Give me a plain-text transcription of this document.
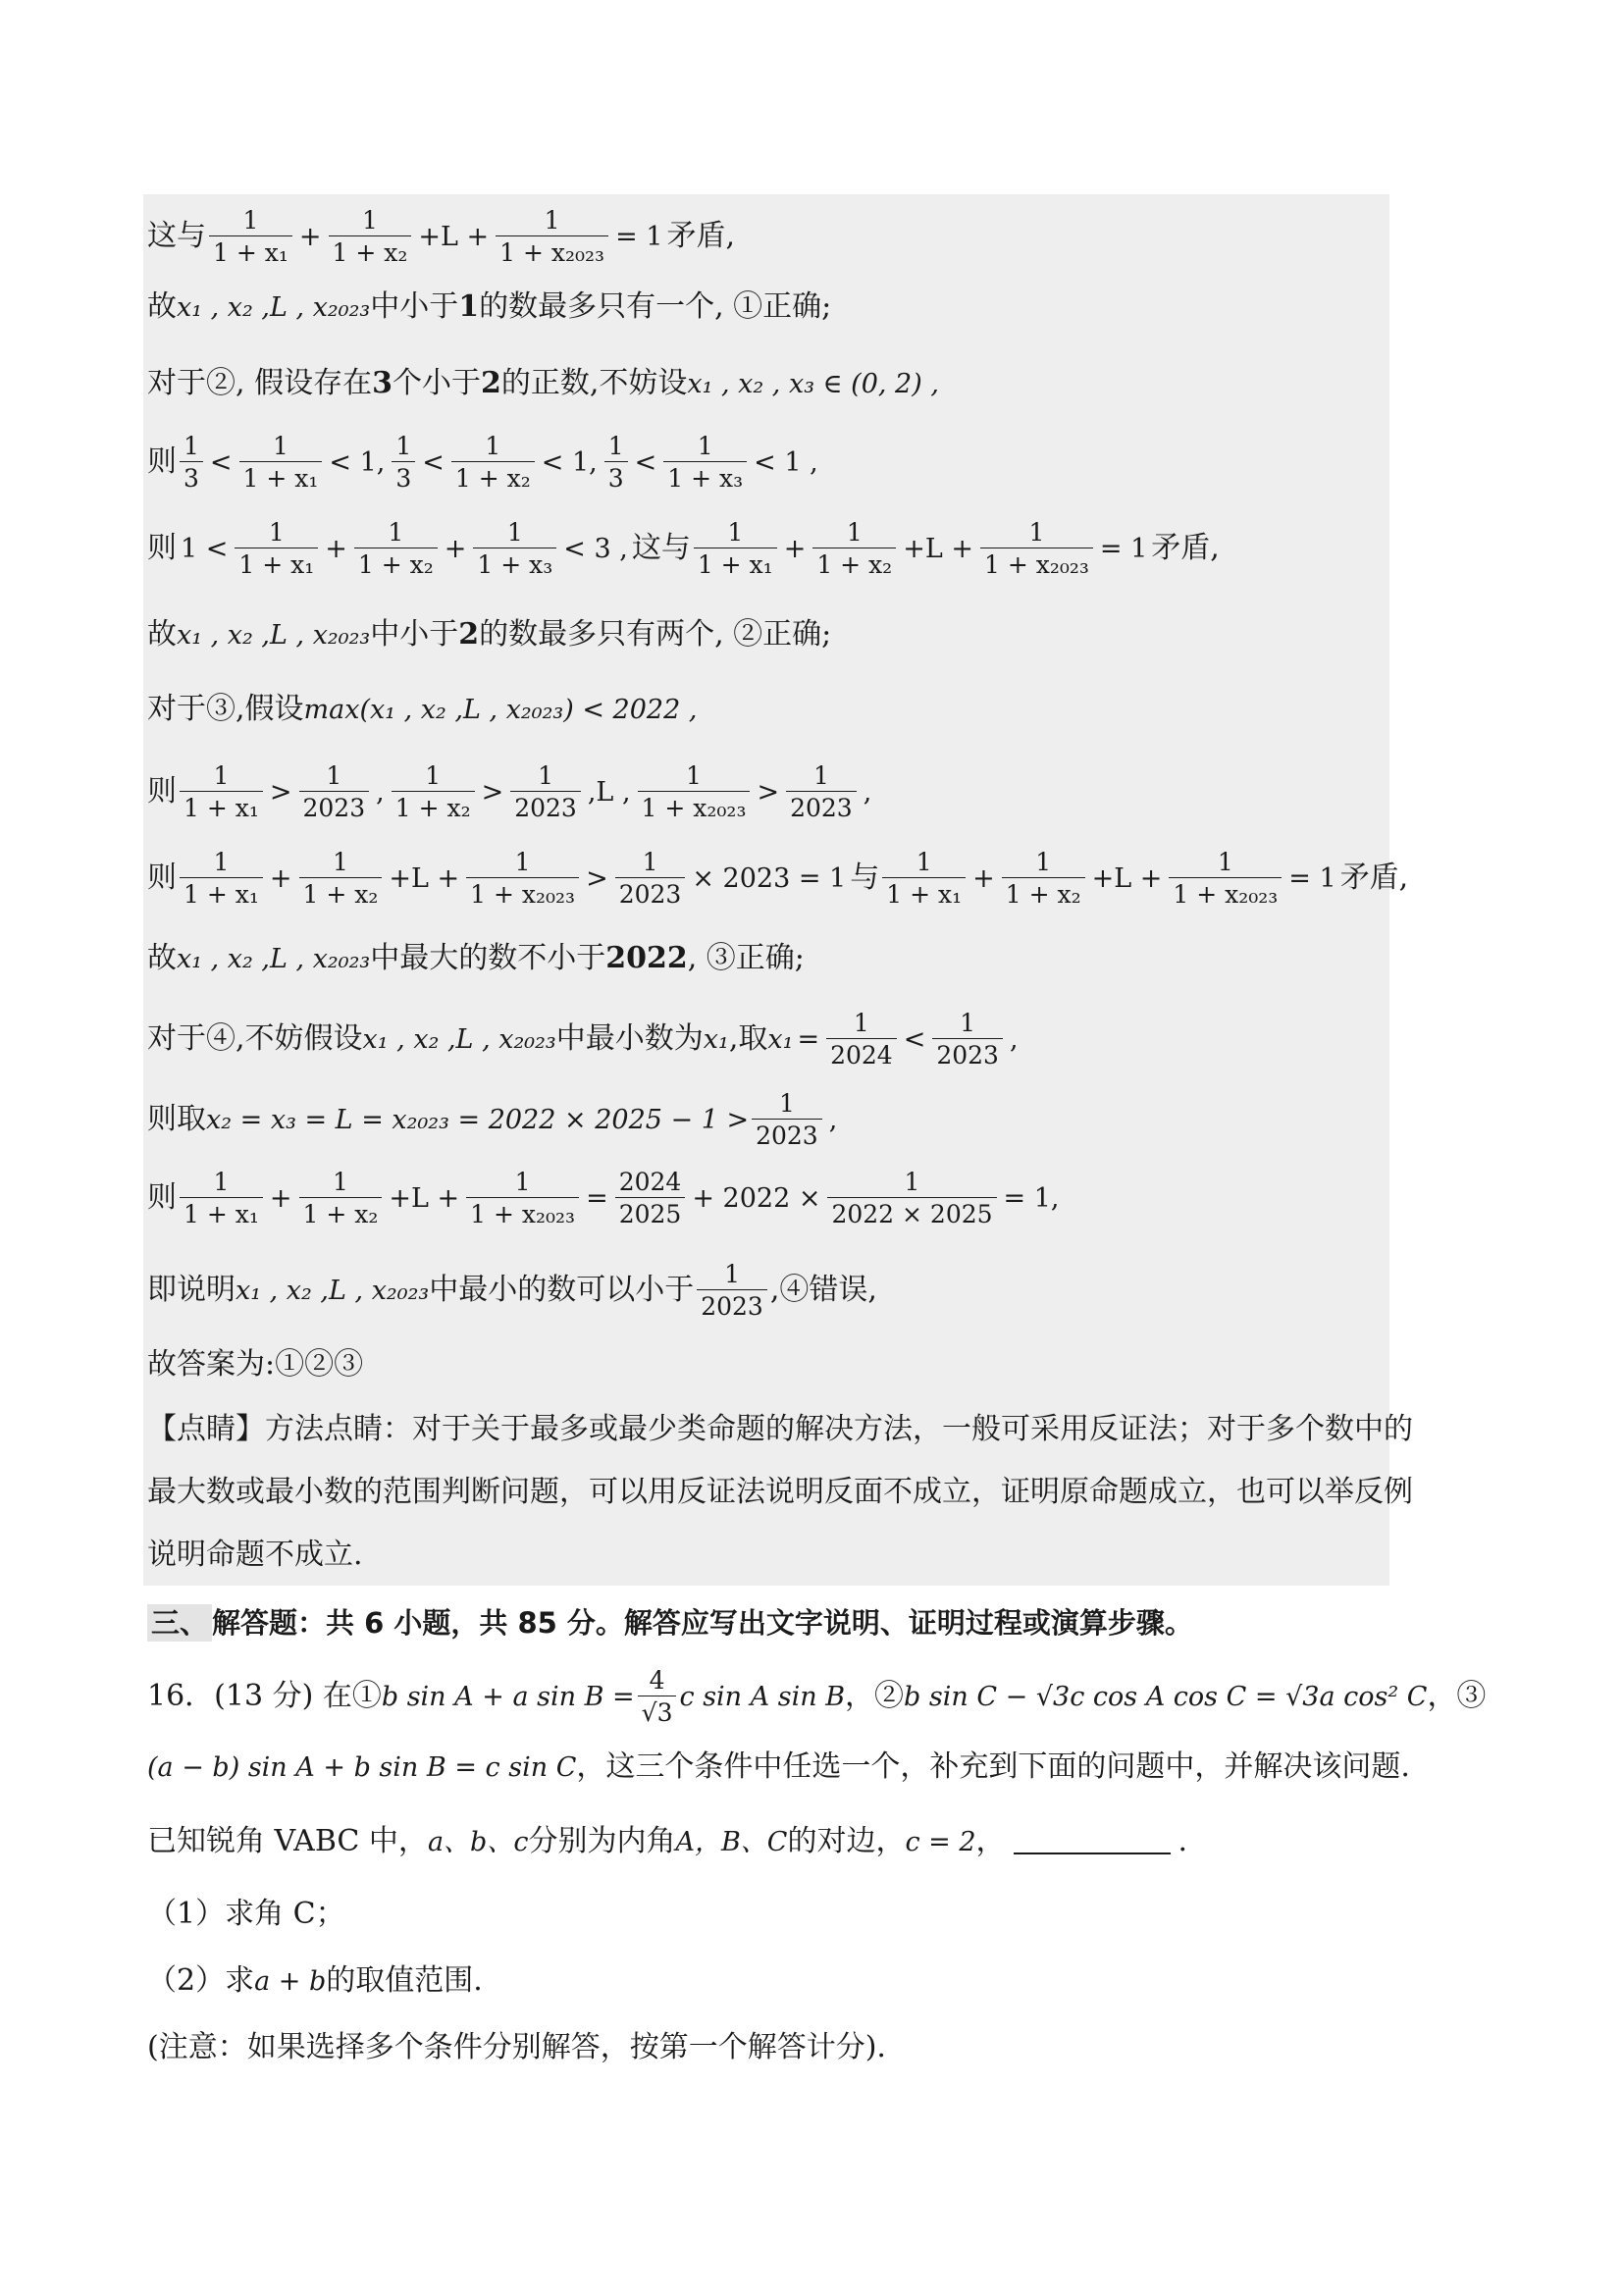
这与 $\frac{1}{\text{1 + x₁}} + \frac{1}{\text{1 + x₂}} +L + \frac{1}{\text{1 + x₂₀₂₃}} = 1$ 矛盾,
故 x₁ , x₂ ,L , x₂₀₂₃ 中小于 1 的数最多只有一个, ①正确;
对于②, 假设存在 3 个小于 2 的正数,不妨设 x₁ , x₂ , x₃ ∈ (0, 2) ,
则 $\frac{1}{3} < \frac{1}{\text{1 + x₁}} < 1$, $\frac{1}{3} < \frac{1}{\text{1 + x₂}} < 1$, $\frac{1}{3} < \frac{1}{\text{1 + x₃}} < 1$ ,
则 $1 < \frac{1}{\text{1 + x₁}} + \frac{1}{\text{1 + x₂}} + \frac{1}{\text{1 + x₃}} < 3$ , 这与 $\frac{1}{\text{1 + x₁}} + \frac{1}{\text{1 + x₂}} +L + \frac{1}{\text{1 + x₂₀₂₃}} = 1$ 矛盾,
故 x₁ , x₂ ,L , x₂₀₂₃ 中小于 2 的数最多只有两个, ②正确;
对于③,假设 max(x₁ , x₂ ,L , x₂₀₂₃) < 2022 ,
则 $\frac{1}{\text{1 + x₁}} > \frac{1}{2023}$ , $\frac{1}{\text{1 + x₂}} > \frac{1}{2023} ,L$ , $\frac{1}{\text{1 + x₂₀₂₃}} > \frac{1}{2023}$ ,
则 $\frac{1}{\text{1 + x₁}} + \frac{1}{\text{1 + x₂}} +L + \frac{1}{\text{1 + x₂₀₂₃}} > \frac{1}{2023} \times 2023 = 1$ 与 $\frac{1}{\text{1 + x₁}} + \frac{1}{\text{1 + x₂}} +L + \frac{1}{\text{1 + x₂₀₂₃}} = 1$ 矛盾,
故 x₁ , x₂ ,L , x₂₀₂₃ 中最大的数不小于 2022 , ③正确;
对于④,不妨假设 x₁ , x₂ ,L , x₂₀₂₃ 中最小数为 x₁ ,取 $x_1 = \frac{1}{2024} < \frac{1}{2023}$ ,
则取 $x_2 = x_3 = L = x_{2023} = 2022 \times 2025 - 1 > \frac{1}{2023}$ ,
则 $\frac{1}{\text{1 + x₁}} + \frac{1}{\text{1 + x₂}} +L + \frac{1}{\text{1 + x₂₀₂₃}} = \frac{2024}{2025} + 2022 \times \frac{1}{2022 \times 2025} = 1$,
即说明 x₁ , x₂ ,L , x₂₀₂₃ 中最小的数可以小于 $\frac{1}{2023}$ ,④错误,
故答案为:①②③
【点睛】方法点睛：对于关于最多或最少类命题的解决方法，一般可采用反证法；对于多个数中的
最大数或最小数的范围判断问题，可以用反证法说明反面不成立，证明原命题成立，也可以举反例
说明命题不成立.
三、 解答题：共 6 小题，共 85 分。解答应写出文字说明、证明过程或演算步骤。
16．(13 分) 在① b sin A + a $\sin B = \frac{4}{√3}$ c sin A sin B ，② b sin C − √3c cos A cos C = √3a cos² C ，③
(a − b) sin A + b sin B = c sin C ，这三个条件中任选一个，补充到下面的问题中，并解决该问题.
已知锐角 VABC 中， a、b、c 分别为内角 A，B、C 的对边， c = 2 ，	.
（1）求角 C；
（2）求 a + b 的取值范围.
(注意：如果选择多个条件分别解答，按第一个解答计分).
